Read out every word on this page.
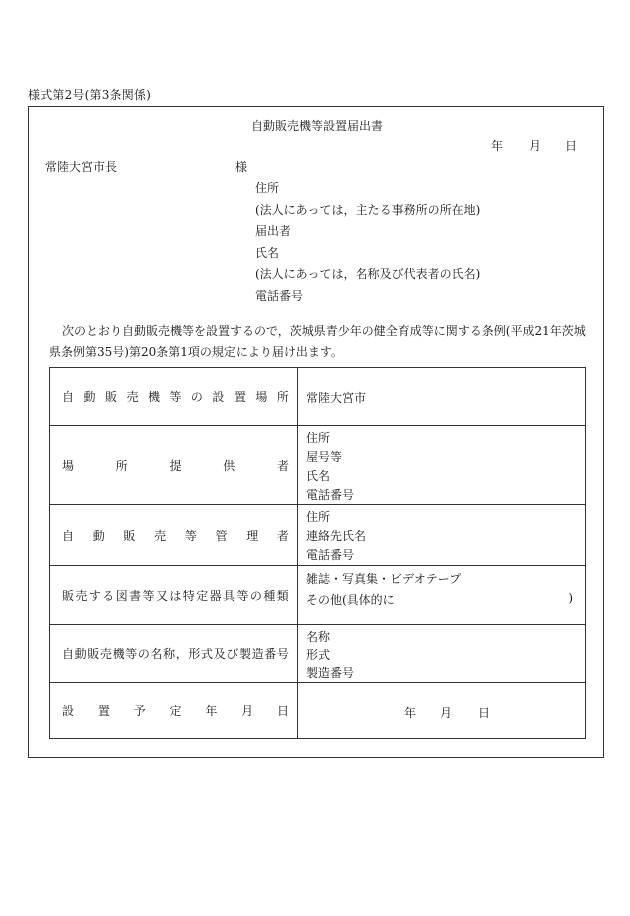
様式第2号(第3条関係)
自動販売機等設置届出書
年 月 日
常陸大宮市長	様
住所
(法人にあっては，主たる事務所の所在地)
届出者
氏名
(法人にあっては，名称及び代表者の氏名)
電話番号
次のとおり自動販売機等を設置するので，茨城県青少年の健全育成等に関する条例(平成21年茨城県条例第35号)第20条第1項の規定により届け出ます。
自 動 販 売 機 等 の 設 置 場 所 常陸大宮市
場	所	提	供	者
住所
屋号等
氏名
電話番号
自 動 販 売 等 管 理 者
住所
連絡先氏名
電話番号
販 売 す る 図 書 等 又 は 特 定 器 具 等 の 種 類
雑誌・写真集・ビデオテープ
その他(具体的に	)
自 動 販 売 機 等 の 名 称 ， 形 式 及 び 製 造 番 号
名称
形式
製造番号
設 置 予 定 年 月 日	年 月 日
